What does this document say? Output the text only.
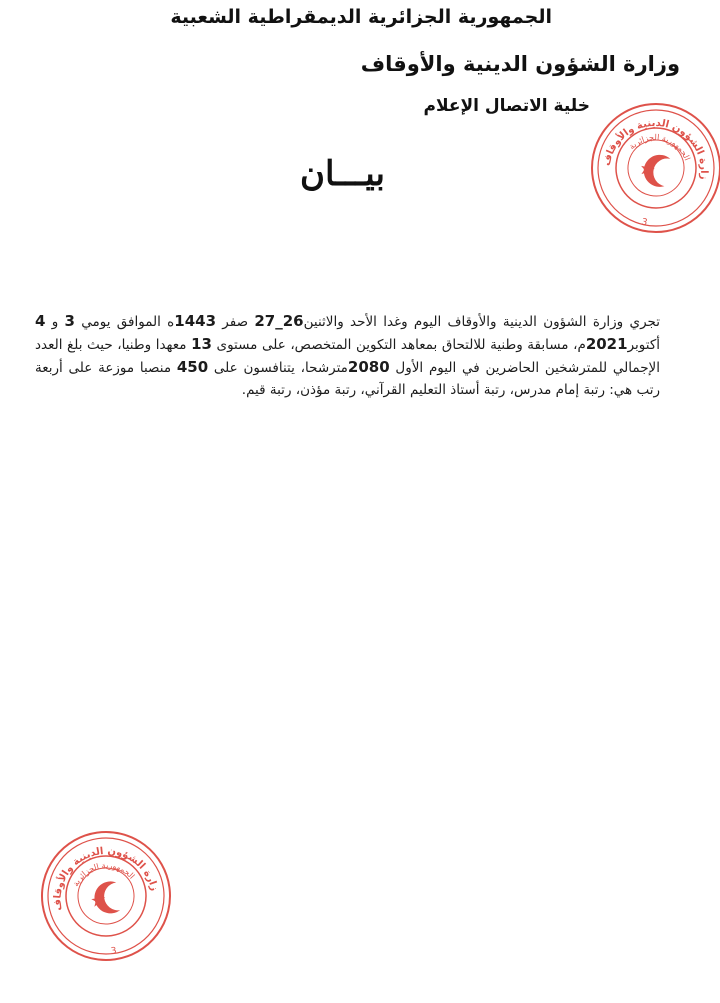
الجمهورية الجزائرية الديمقراطية الشعبية
وزارة الشؤون الدينية والأوقاف
خلية الاتصال الإعلام
بيـــان	وزارة الشؤون الدينية والأوقاف
الجمهورية الجزائرية
3
تجري وزارة الشؤون الدينية والأوقاف اليوم وغدا الأحد والاثنين26_27 صفر 1443ه الموافق يومي 3 و 4 أكتوبر2021م، مسابقة وطنية للالتحاق بمعاهد التكوين المتخصص، على مستوى 13 معهدا وطنيا، حيث بلغ العدد الإجمالي للمترشخين الحاضرين في اليوم الأول 2080مترشحا، يتنافسون على 450 منصبا موزعة على أربعة رتب هي: رتبة إمام مدرس، رتبة أستاذ التعليم القرآني، رتبة مؤذن، رتبة قيم.
وزارة الشؤون الدينية والأوقاف
الجمهورية الجزائرية
3
